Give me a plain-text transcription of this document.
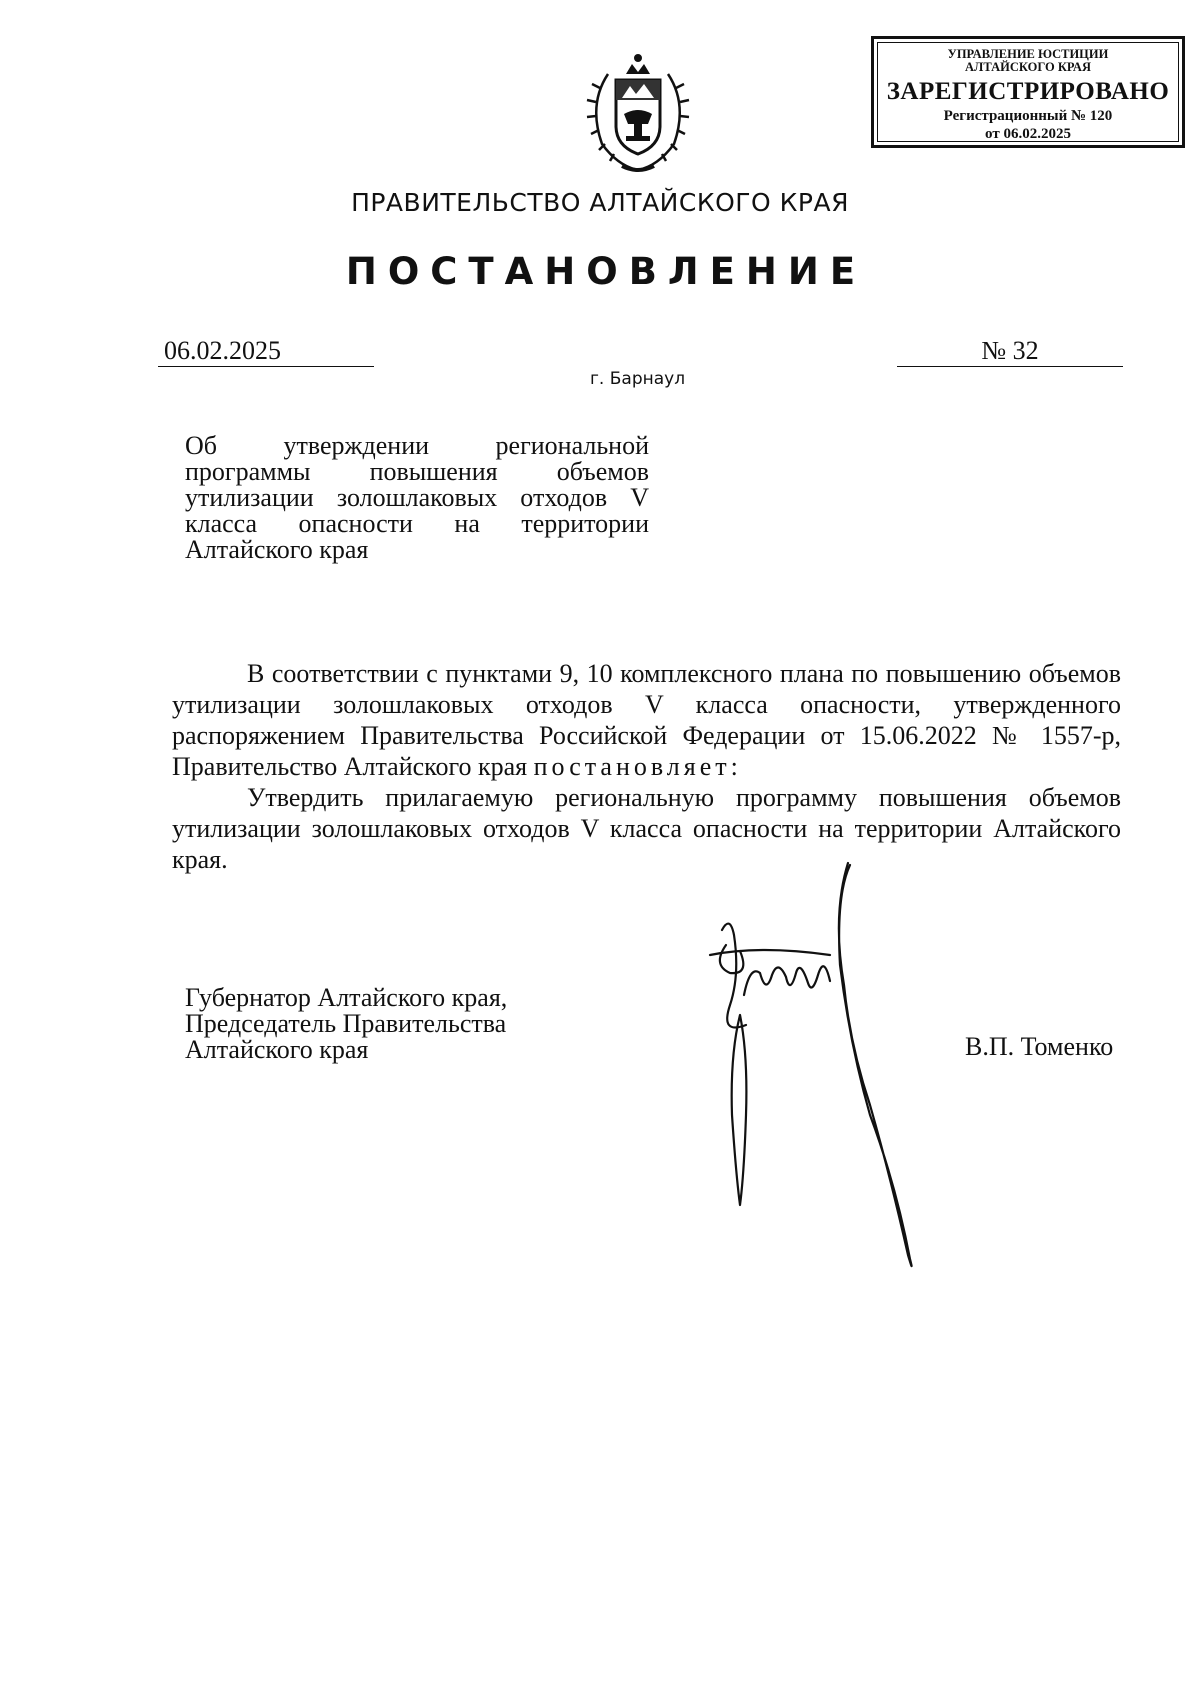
УПРАВЛЕНИЕ ЮСТИЦИИ
АЛТАЙСКОГО КРАЯ
ЗАРЕГИСТРИРОВАНО
Регистрационный № 120
от 06.02.2025
ПРАВИТЕЛЬСТВО АЛТАЙСКОГО КРАЯ
ПОСТАНОВЛЕНИЕ
06.02.2025	№ 32
г. Барнаул
Об утверждении региональной программы повышения объемов утилизации золошлаковых отходов V класса опасности на территории Алтайского края

В соответствии с пунктами 9, 10 комплексного плана по повышению объемов утилизации золошлаковых отходов V класса опасности, утвержденного распоряжением Правительства Российской Федерации от 15.06.2022 № 1557-р, Правительство Алтайского края постановляет:

Утвердить прилагаемую региональную программу повышения объемов утилизации золошлаковых отходов V класса опасности на территории Алтайского края.

Губернатор Алтайского края,
Председатель Правительства
Алтайского края	В.П. Томенко
